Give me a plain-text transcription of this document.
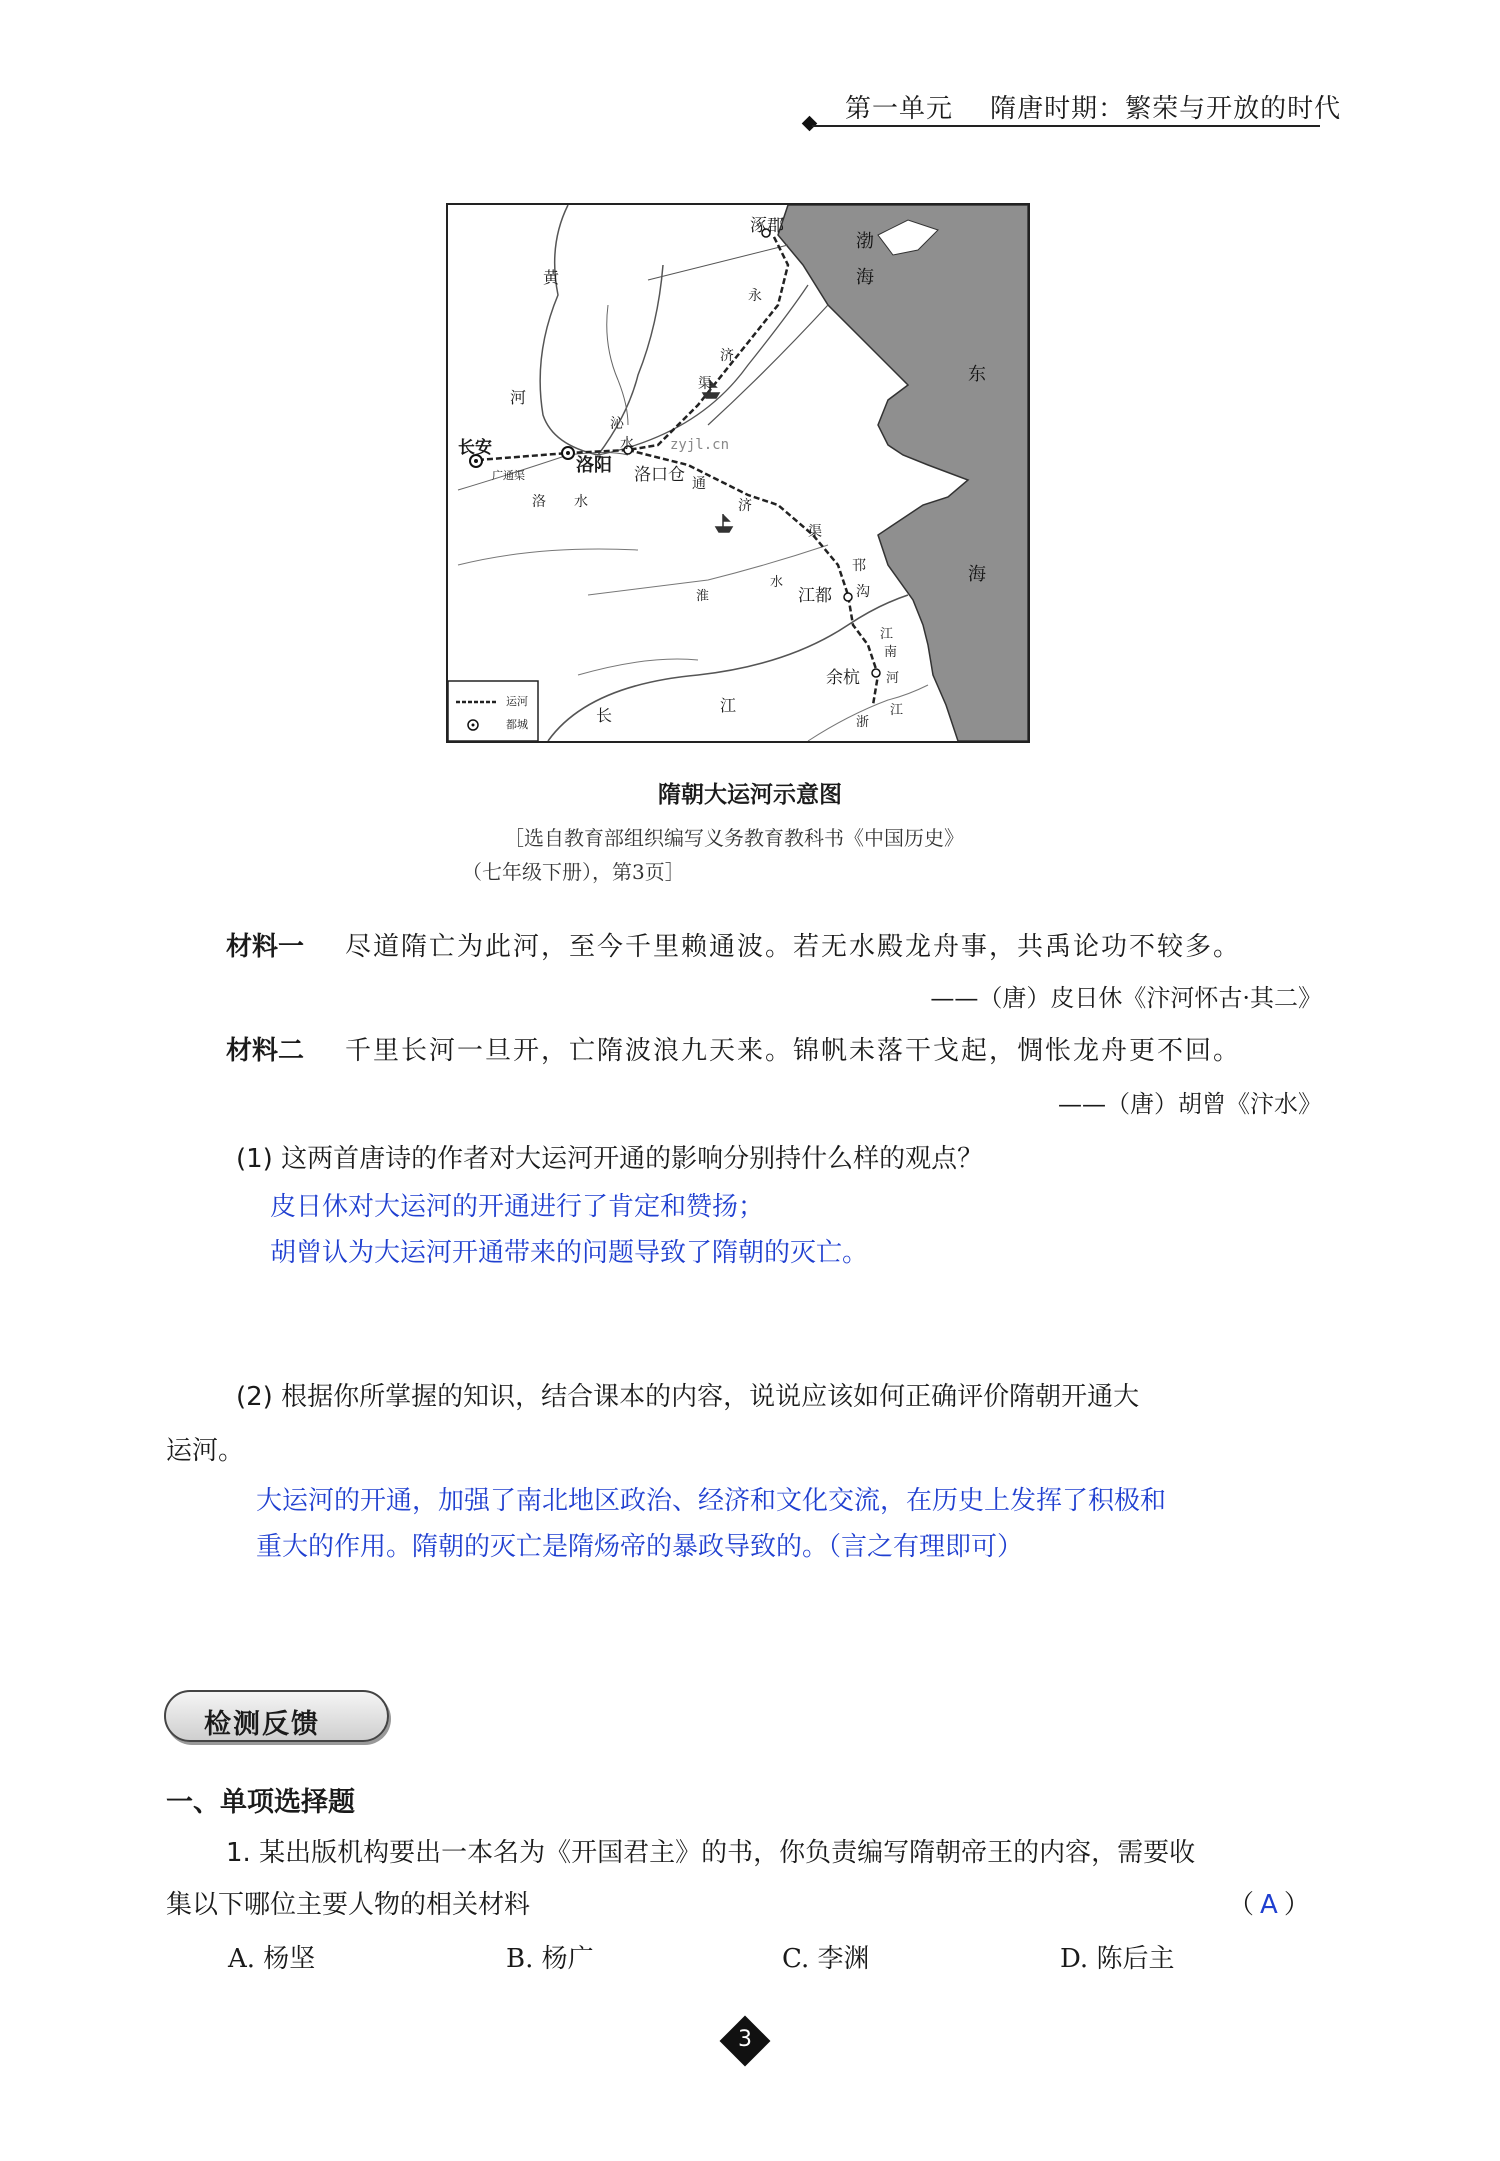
第一单元 隋唐时期：繁荣与开放的时代
涿郡
长安
洛阳 洛口仓
江都
余杭
zyjl.cn
渤
海
东
海
黄
河
永
济
渠
沁
水
通
济
渠
广通渠
洛 水
淮
水
邗
沟
江
南
河
长
江
浙
江
运河
都城
隋朝大运河示意图
［选自教育部组织编写义务教育教科书《中国历史》
（七年级下册），第3页］
材料一 尽道隋亡为此河，至今千里赖通波。若无水殿龙舟事，共禹论功不较多。
——（唐）皮日休《汴河怀古·其二》
材料二 千里长河一旦开，亡隋波浪九天来。锦帆未落干戈起，惆怅龙舟更不回。
——（唐）胡曾《汴水》
(1) 这两首唐诗的作者对大运河开通的影响分别持什么样的观点？
皮日休对大运河的开通进行了肯定和赞扬；
胡曾认为大运河开通带来的问题导致了隋朝的灭亡。
(2) 根据你所掌握的知识，结合课本的内容，说说应该如何正确评价隋朝开通大
运河。
大运河的开通，加强了南北地区政治、经济和文化交流，在历史上发挥了积极和
重大的作用。隋朝的灭亡是隋炀帝的暴政导致的。（言之有理即可）
检测反馈
一、单项选择题
1. 某出版机构要出一本名为《开国君主》的书，你负责编写隋朝帝王的内容，需要收
集以下哪位主要人物的相关材料	（ A ）
A. 杨坚	B. 杨广	C. 李渊	D. 陈后主
3
